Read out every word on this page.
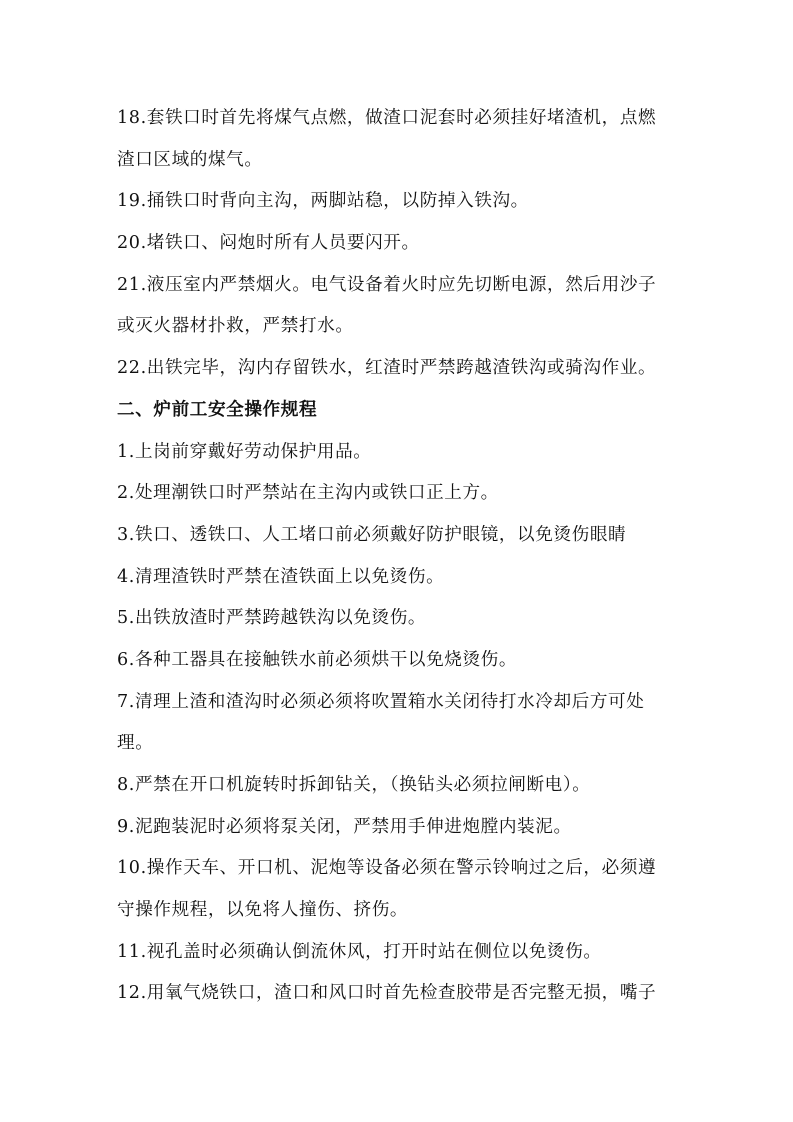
18.套铁口时首先将煤气点燃，做渣口泥套时必须挂好堵渣机，点燃
渣口区域的煤气。
19.捅铁口时背向主沟，两脚站稳，以防掉入铁沟。
20.堵铁口、闷炮时所有人员要闪开。
21.液压室内严禁烟火。电气设备着火时应先切断电源，然后用沙子
或灭火器材扑救，严禁打水。
22.出铁完毕，沟内存留铁水，红渣时严禁跨越渣铁沟或骑沟作业。
二、炉前工安全操作规程
1.上岗前穿戴好劳动保护用品。
2.处理潮铁口时严禁站在主沟内或铁口正上方。
3.铁口、透铁口、人工堵口前必须戴好防护眼镜，以免烫伤眼睛
4.清理渣铁时严禁在渣铁面上以免烫伤。
5.出铁放渣时严禁跨越铁沟以免烫伤。
6.各种工器具在接触铁水前必须烘干以免烧烫伤。
7.清理上渣和渣沟时必须必须将吹置箱水关闭待打水冷却后方可处
理。
8.严禁在开口机旋转时拆卸钻关，（换钻头必须拉闸断电）。
9.泥跑装泥时必须将泵关闭，严禁用手伸进炮膛内装泥。
10.操作天车、开口机、泥炮等设备必须在警示铃响过之后，必须遵
守操作规程，以免将人撞伤、挤伤。
11.视孔盖时必须确认倒流休风，打开时站在侧位以免烫伤。
12.用氧气烧铁口，渣口和风口时首先检查胶带是否完整无损，嘴子
